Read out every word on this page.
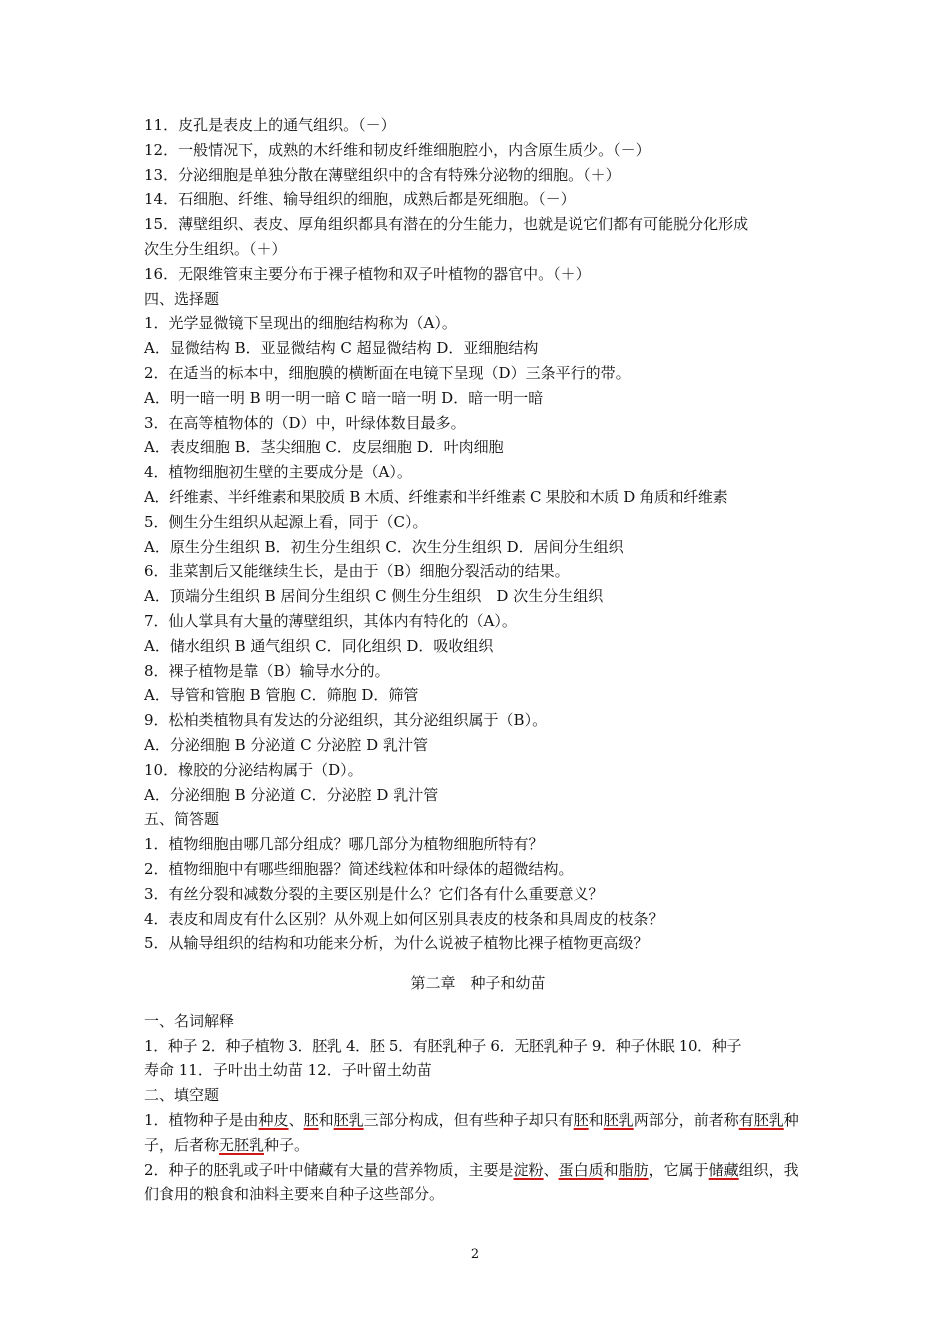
11．皮孔是表皮上的通气组织。（－）

12．一般情况下，成熟的木纤维和韧皮纤维细胞腔小，内含原生质少。（－）

13．分泌细胞是单独分散在薄壁组织中的含有特殊分泌物的细胞。（＋）

14．石细胞、纤维、输导组织的细胞，成熟后都是死细胞。（－）

15．薄壁组织、表皮、厚角组织都具有潜在的分生能力，也就是说它们都有可能脱分化形成

次生分生组织。（＋）

16．无限维管束主要分布于裸子植物和双子叶植物的器官中。（＋）

四、选择题

1．光学显微镜下呈现出的细胞结构称为（A）。

A．显微结构 B．亚显微结构 C 超显微结构 D．亚细胞结构

2．在适当的标本中，细胞膜的横断面在电镜下呈现（D）三条平行的带。

A．明一暗一明 B 明一明一暗 C 暗一暗一明 D．暗一明一暗

3．在高等植物体的（D）中，叶绿体数目最多。

A．表皮细胞 B．茎尖细胞 C．皮层细胞 D．叶肉细胞

4．植物细胞初生壁的主要成分是（A）。

A．纤维素、半纤维素和果胶质 B 木质、纤维素和半纤维素 C 果胶和木质 D 角质和纤维素

5．侧生分生组织从起源上看，同于（C）。

A．原生分生组织 B．初生分生组织 C．次生分生组织 D．居间分生组织

6．韭菜割后又能继续生长，是由于（B）细胞分裂活动的结果。

A．顶端分生组织 B 居间分生组织 C 侧生分生组织　D 次生分生组织

7．仙人掌具有大量的薄壁组织，其体内有特化的（A）。

A．储水组织 B 通气组织 C．同化组织 D．吸收组织

8．裸子植物是靠（B）输导水分的。

A．导管和管胞 B 管胞 C．筛胞 D．筛管

9．松柏类植物具有发达的分泌组织，其分泌组织属于（B）。

A．分泌细胞 B 分泌道 C 分泌腔 D 乳汁管

10．橡胶的分泌结构属于（D）。

A．分泌细胞 B 分泌道 C．分泌腔 D 乳汁管

五、简答题

1．植物细胞由哪几部分组成？哪几部分为植物细胞所特有？

2．植物细胞中有哪些细胞器？简述线粒体和叶绿体的超微结构。

3．有丝分裂和减数分裂的主要区别是什么？它们各有什么重要意义？

4．表皮和周皮有什么区别？从外观上如何区别具表皮的枝条和具周皮的枝条？

5．从输导组织的结构和功能来分析，为什么说被子植物比裸子植物更高级？

第二章　种子和幼苗

一、名词解释

1．种子 2．种子植物 3．胚乳 4．胚 5．有胚乳种子 6．无胚乳种子 9．种子休眠 10．种子

寿命 11．子叶出土幼苗 12．子叶留土幼苗

二、填空题

1．植物种子是由种皮、胚和胚乳三部分构成，但有些种子却只有胚和胚乳两部分，前者称有胚乳种子，后者称无胚乳种子。

2．种子的胚乳或子叶中储藏有大量的营养物质，主要是淀粉、蛋白质和脂肪，它属于储藏组织，我们食用的粮食和油料主要来自种子这些部分。

2
